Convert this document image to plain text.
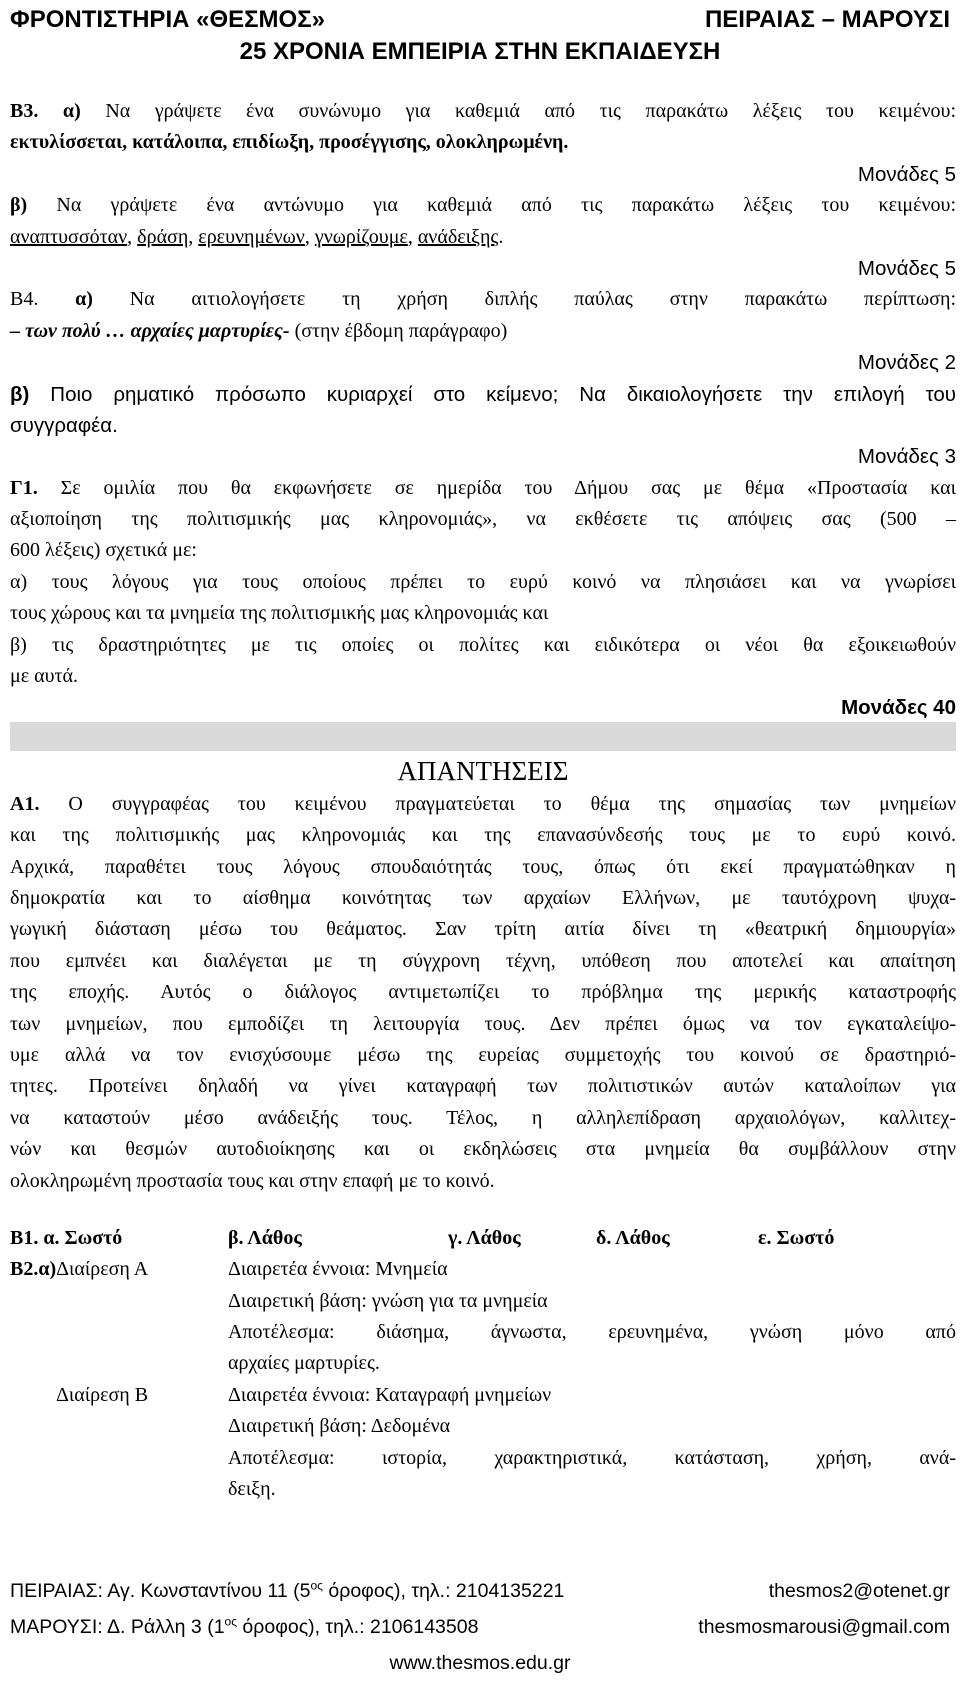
ΦΡΟΝΤΙΣΤΗΡΙΑ «ΘΕΣΜΟΣ»	ΠΕΙΡΑΙΑΣ – ΜΑΡΟΥΣΙ
25 ΧΡΟΝΙΑ ΕΜΠΕΙΡΙΑ ΣΤΗΝ ΕΚΠΑΙΔΕΥΣΗ
Β3. α) Να γράψετε ένα συνώνυμο για καθεμιά από τις παρακάτω λέξεις του κειμένου:
εκτυλίσσεται, κατάλοιπα, επιδίωξη, προσέγγισης, ολοκληρωμένη.
Μονάδες 5
β) Να γράψετε ένα αντώνυμο για καθεμιά από τις παρακάτω λέξεις του κειμένου:
αναπτυσσόταν, δράση, ερευνημένων, γνωρίζουμε, ανάδειξης.
Μονάδες 5
Β4. α) Να αιτιολογήσετε τη χρήση διπλής παύλας στην παρακάτω περίπτωση:
– των πολύ … αρχαίες μαρτυρίες- (στην έβδομη παράγραφο)
Μονάδες 2
β) Ποιο ρηματικό πρόσωπο κυριαρχεί στο κείμενο; Να δικαιολογήσετε την επιλογή του
συγγραφέα.
Μονάδες 3
Γ1. Σε ομιλία που θα εκφωνήσετε σε ημερίδα του Δήμου σας με θέμα «Προστασία και
αξιοποίηση της πολιτισμικής μας κληρονομιάς», να εκθέσετε τις απόψεις σας (500 –
600 λέξεις) σχετικά με:
α) τους λόγους για τους οποίους πρέπει το ευρύ κοινό να πλησιάσει και να γνωρίσει
τους χώρους και τα μνημεία της πολιτισμικής μας κληρονομιάς και
β) τις δραστηριότητες με τις οποίες οι πολίτες και ειδικότερα οι νέοι θα εξοικειωθούν
με αυτά.
Μονάδες 40
ΑΠΑΝΤΗΣΕΙΣ
Α1. Ο συγγραφέας του κειμένου πραγματεύεται το θέμα της σημασίας των μνημείων
και της πολιτισμικής μας κληρονομιάς και της επανασύνδεσής τους με το ευρύ κοινό.
Αρχικά, παραθέτει τους λόγους σπουδαιότητάς τους, όπως ότι εκεί πραγματώθηκαν η
δημοκρατία και το αίσθημα κοινότητας των αρχαίων Ελλήνων, με ταυτόχρονη ψυχα-
γωγική διάσταση μέσω του θεάματος. Σαν τρίτη αιτία δίνει τη «θεατρική δημιουργία»
που εμπνέει και διαλέγεται με τη σύγχρονη τέχνη, υπόθεση που αποτελεί και απαίτηση
της εποχής. Αυτός ο διάλογος αντιμετωπίζει το πρόβλημα της μερικής καταστροφής
των μνημείων, που εμποδίζει τη λειτουργία τους. Δεν πρέπει όμως να τον εγκαταλείψο-
υμε αλλά να τον ενισχύσουμε μέσω της ευρείας συμμετοχής του κοινού σε δραστηριό-
τητες. Προτείνει δηλαδή να γίνει καταγραφή των πολιτιστικών αυτών καταλοίπων για
να καταστούν μέσο ανάδειξής τους. Τέλος, η αλληλεπίδραση αρχαιολόγων, καλλιτεχ-
νών και θεσμών αυτοδιοίκησης και οι εκδηλώσεις στα μνημεία θα συμβάλλουν στην
ολοκληρωμένη προστασία τους και στην επαφή με το κοινό.
Β1. α. Σωστό	β. Λάθος	γ. Λάθος	δ. Λάθος	ε. Σωστό
Β2.α) Διαίρεση Α	Διαιρετέα έννοια: Μνημεία
Διαιρετική βάση: γνώση για τα μνημεία
Αποτέλεσμα: διάσημα, άγνωστα, ερευνημένα, γνώση μόνο από
αρχαίες μαρτυρίες.
Διαίρεση Β	Διαιρετέα έννοια: Καταγραφή μνημείων
Διαιρετική βάση: Δεδομένα
Αποτέλεσμα: ιστορία, χαρακτηριστικά, κατάσταση, χρήση, ανά-
δειξη.
ΠΕΙΡΑΙΑΣ: Αγ. Κωνσταντίνου 11 ($5^{o\varsigma}$ όροφος), τηλ.: 2104135221	thesmos2@otenet.gr
ΜΑΡΟΥΣΙ: Δ. Ράλλη 3 ($1^{o\varsigma}$ όροφος), τηλ.: 2106143508	thesmosmarousi@gmail.com
www.thesmos.edu.gr
